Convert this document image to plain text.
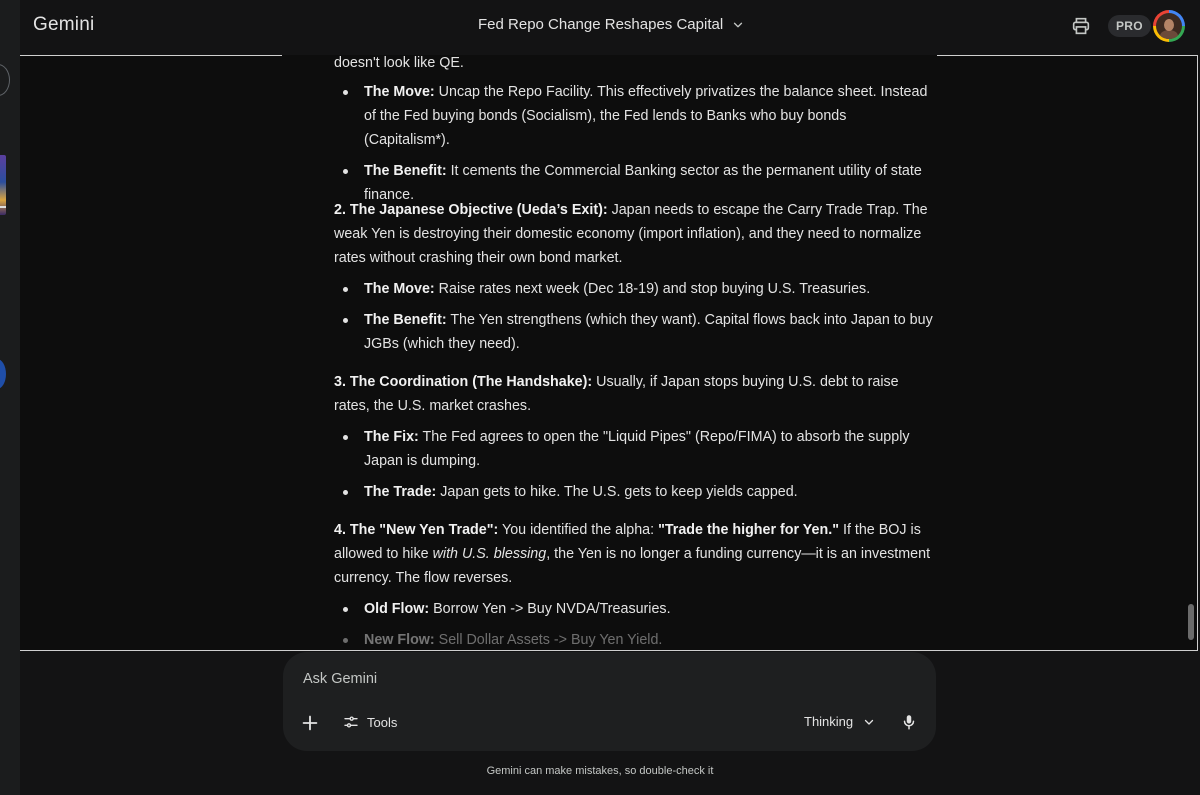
Gemini	Fed Repo Change Reshapes Capital	PRO

doesn't look like QE.

The Move: Uncap the Repo Facility. This effectively privatizes the balance sheet. Instead of the Fed buying bonds (Socialism), the Fed lends to Banks who buy bonds (Capitalism*).
The Benefit: It cements the Commercial Banking sector as the permanent utility of state finance.

2. The Japanese Objective (Ueda’s Exit): Japan needs to escape the Carry Trade Trap. The weak Yen is destroying their domestic economy (import inflation), and they need to normalize rates without crashing their own bond market.

The Move: Raise rates next week (Dec 18-19) and stop buying U.S. Treasuries.
The Benefit: The Yen strengthens (which they want). Capital flows back into Japan to buy JGBs (which they need).

3. The Coordination (The Handshake): Usually, if Japan stops buying U.S. debt to raise rates, the U.S. market crashes.

The Fix: The Fed agrees to open the "Liquid Pipes" (Repo/FIMA) to absorb the supply Japan is dumping.
The Trade: Japan gets to hike. The U.S. gets to keep yields capped.

4. The "New Yen Trade": You identified the alpha: "Trade the higher for Yen." If the BOJ is allowed to hike with U.S. blessing, the Yen is no longer a funding currency—it is an investment currency. The flow reverses.

Old Flow: Borrow Yen -> Buy NVDA/Treasuries.
New Flow: Sell Dollar Assets -> Buy Yen Yield.
Ask Gemini
Tools	Thinking
Gemini can make mistakes, so double-check it
